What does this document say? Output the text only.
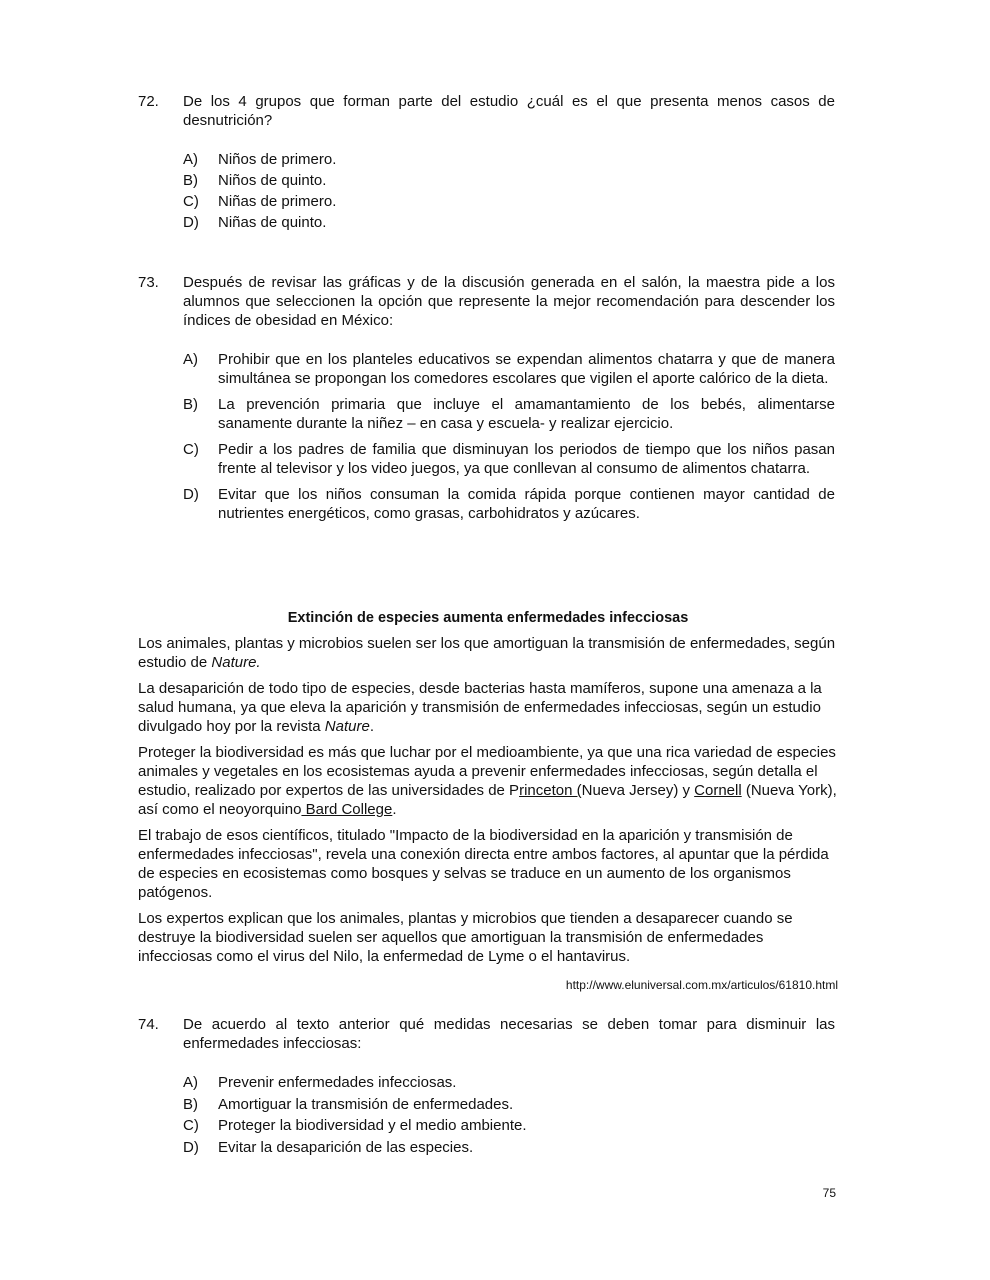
72.	De los 4 grupos que forman parte del estudio ¿cuál es el que presenta menos casos de desnutrición?
A)	Niños de primero.
B)	Niños de quinto.
C)	Niñas de primero.
D)	Niñas de quinto.
73.	Después de revisar las gráficas y de la discusión generada en el salón, la maestra pide a los alumnos que seleccionen la opción que represente la mejor recomendación para descender los índices de obesidad en México:
A)	Prohibir que en los planteles educativos se expendan alimentos chatarra y que de manera simultánea se propongan los comedores escolares que vigilen el aporte calórico de la dieta.
B)	La prevención primaria que incluye el amamantamiento de los bebés, alimentarse sanamente durante la niñez – en casa y escuela- y realizar ejercicio.
C)	Pedir a los padres de familia que disminuyan los periodos de tiempo que los niños pasan frente al televisor y los video juegos, ya que conllevan al consumo de alimentos chatarra.
D)	Evitar que los niños consuman la comida rápida porque contienen mayor cantidad de nutrientes energéticos, como grasas, carbohidratos y azúcares.
Extinción de especies aumenta enfermedades infecciosas

Los animales, plantas y microbios suelen ser los que amortiguan la transmisión de enfermedades, según estudio de Nature.

La desaparición de todo tipo de especies, desde bacterias hasta mamíferos, supone una amenaza a la salud humana, ya que eleva la aparición y transmisión de enfermedades infecciosas, según un estudio divulgado hoy por la revista Nature.

Proteger la biodiversidad es más que luchar por el medioambiente, ya que una rica variedad de especies animales y vegetales en los ecosistemas ayuda a prevenir enfermedades infecciosas, según detalla el estudio, realizado por expertos de las universidades de Princeton (Nueva Jersey) y Cornell (Nueva York), así como el neoyorquino Bard College.

El trabajo de esos científicos, titulado "Impacto de la biodiversidad en la aparición y transmisión de enfermedades infecciosas", revela una conexión directa entre ambos factores, al apuntar que la pérdida de especies en ecosistemas como bosques y selvas se traduce en un aumento de los organismos patógenos.

Los expertos explican que los animales, plantas y microbios que tienden a desaparecer cuando se destruye la biodiversidad suelen ser aquellos que amortiguan la transmisión de enfermedades infecciosas como el virus del Nilo, la enfermedad de Lyme o el hantavirus.

http://www.eluniversal.com.mx/articulos/61810.html
74.	De acuerdo al texto anterior qué medidas necesarias se deben tomar para disminuir las enfermedades infecciosas:
A)	Prevenir enfermedades infecciosas.
B)	Amortiguar la transmisión de enfermedades.
C)	Proteger la biodiversidad y el medio ambiente.
D)	Evitar la desaparición de las especies.
75
